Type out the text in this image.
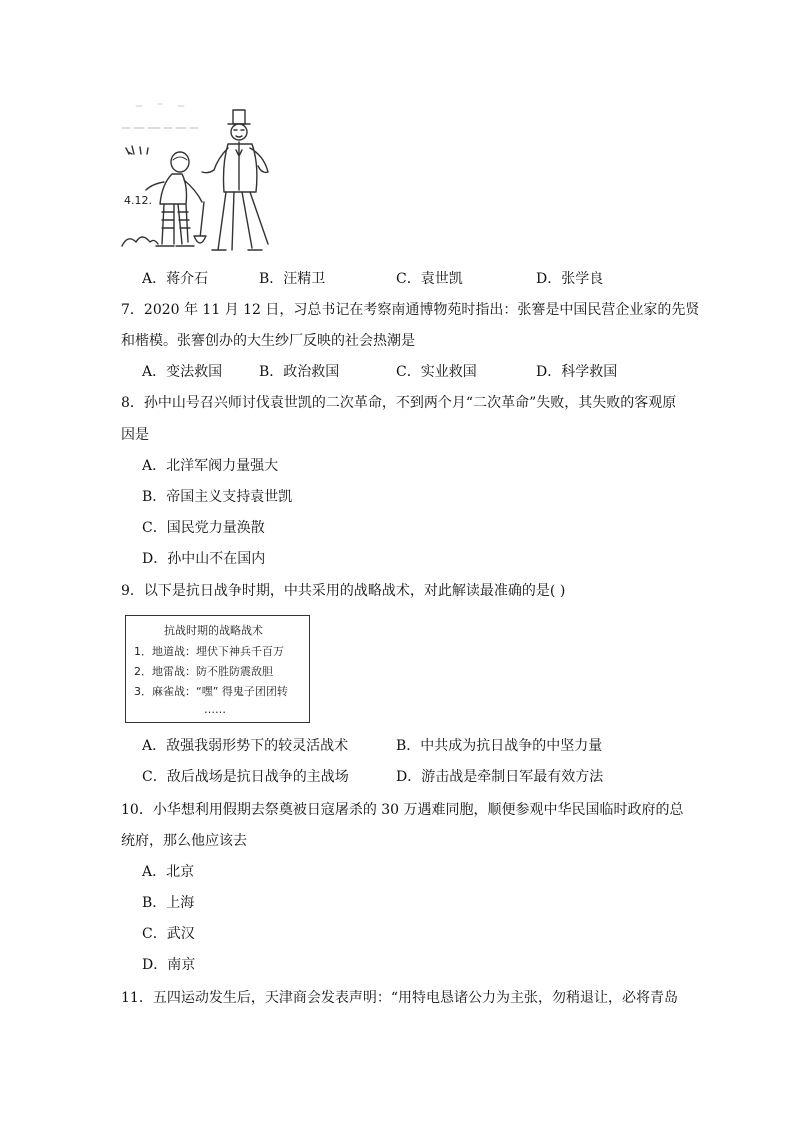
4.12.
A．蒋介石	B．汪精卫	C．袁世凯	D．张学良
7．2020 年 11 月 12 日，习总书记在考察南通博物苑时指出：张謇是中国民营企业家的先贤
和楷模。张謇创办的大生纱厂反映的社会热潮是
A．变法救国	B．政治救国	C．实业救国	D．科学救国
8．孙中山号召兴师讨伐袁世凯的二次革命，不到两个月“二次革命”失败，其失败的客观原
因是
A．北洋军阀力量强大
B．帝国主义支持袁世凯
C．国民党力量涣散
D．孙中山不在国内
9．以下是抗日战争时期，中共采用的战略战术，对此解读最准确的是( )
抗战时期的战略战术
1．地道战：埋伏下神兵千百万
2．地雷战：防不胜防震敌胆
3．麻雀战：“嘿” 得鬼子团团转
……
A．敌强我弱形势下的较灵活战术	B．中共成为抗日战争的中坚力量
C．敌后战场是抗日战争的主战场	D．游击战是牵制日军最有效方法
10．小华想利用假期去祭奠被日寇屠杀的 30 万遇难同胞，顺便参观中华民国临时政府的总
统府，那么他应该去
A．北京
B．上海
C．武汉
D．南京
11．五四运动发生后，天津商会发表声明：“用特电恳诸公力为主张，勿稍退让，必将青岛
